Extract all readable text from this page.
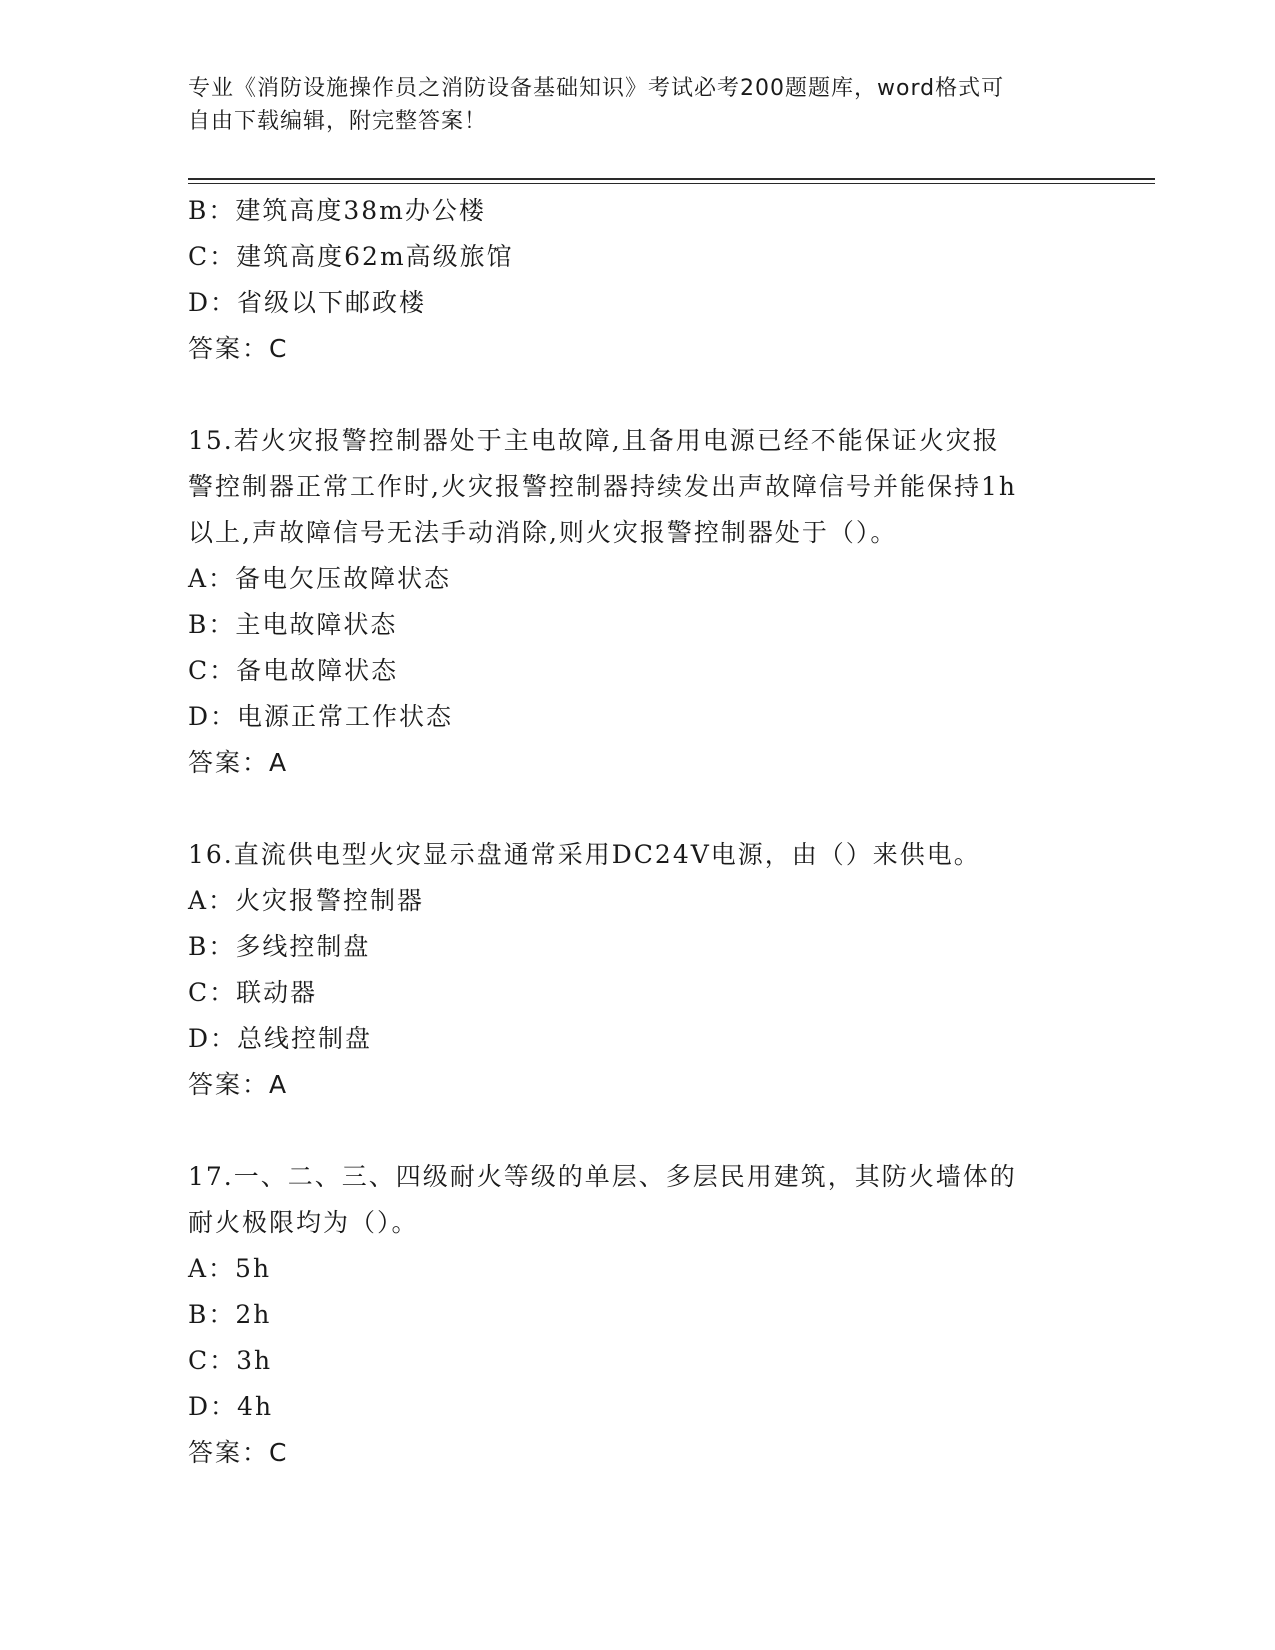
专业《消防设施操作员之消防设备基础知识》考试必考200题题库，word格式可
自由下载编辑，附完整答案！
B：建筑高度38m办公楼
C：建筑高度62m高级旅馆
D：省级以下邮政楼
答案：C
15.若火灾报警控制器处于主电故障,且备用电源已经不能保证火灾报
警控制器正常工作时,火灾报警控制器持续发出声故障信号并能保持1h
以上,声故障信号无法手动消除,则火灾报警控制器处于（）。
A：备电欠压故障状态
B：主电故障状态
C：备电故障状态
D：电源正常工作状态
答案：A
16.直流供电型火灾显示盘通常采用DC24V电源，由（）来供电。
A：火灾报警控制器
B：多线控制盘
C：联动器
D：总线控制盘
答案：A
17.一、二、三、四级耐火等级的单层、多层民用建筑，其防火墙体的
耐火极限均为（）。
A：5h
B：2h
C：3h
D：4h
答案：C
